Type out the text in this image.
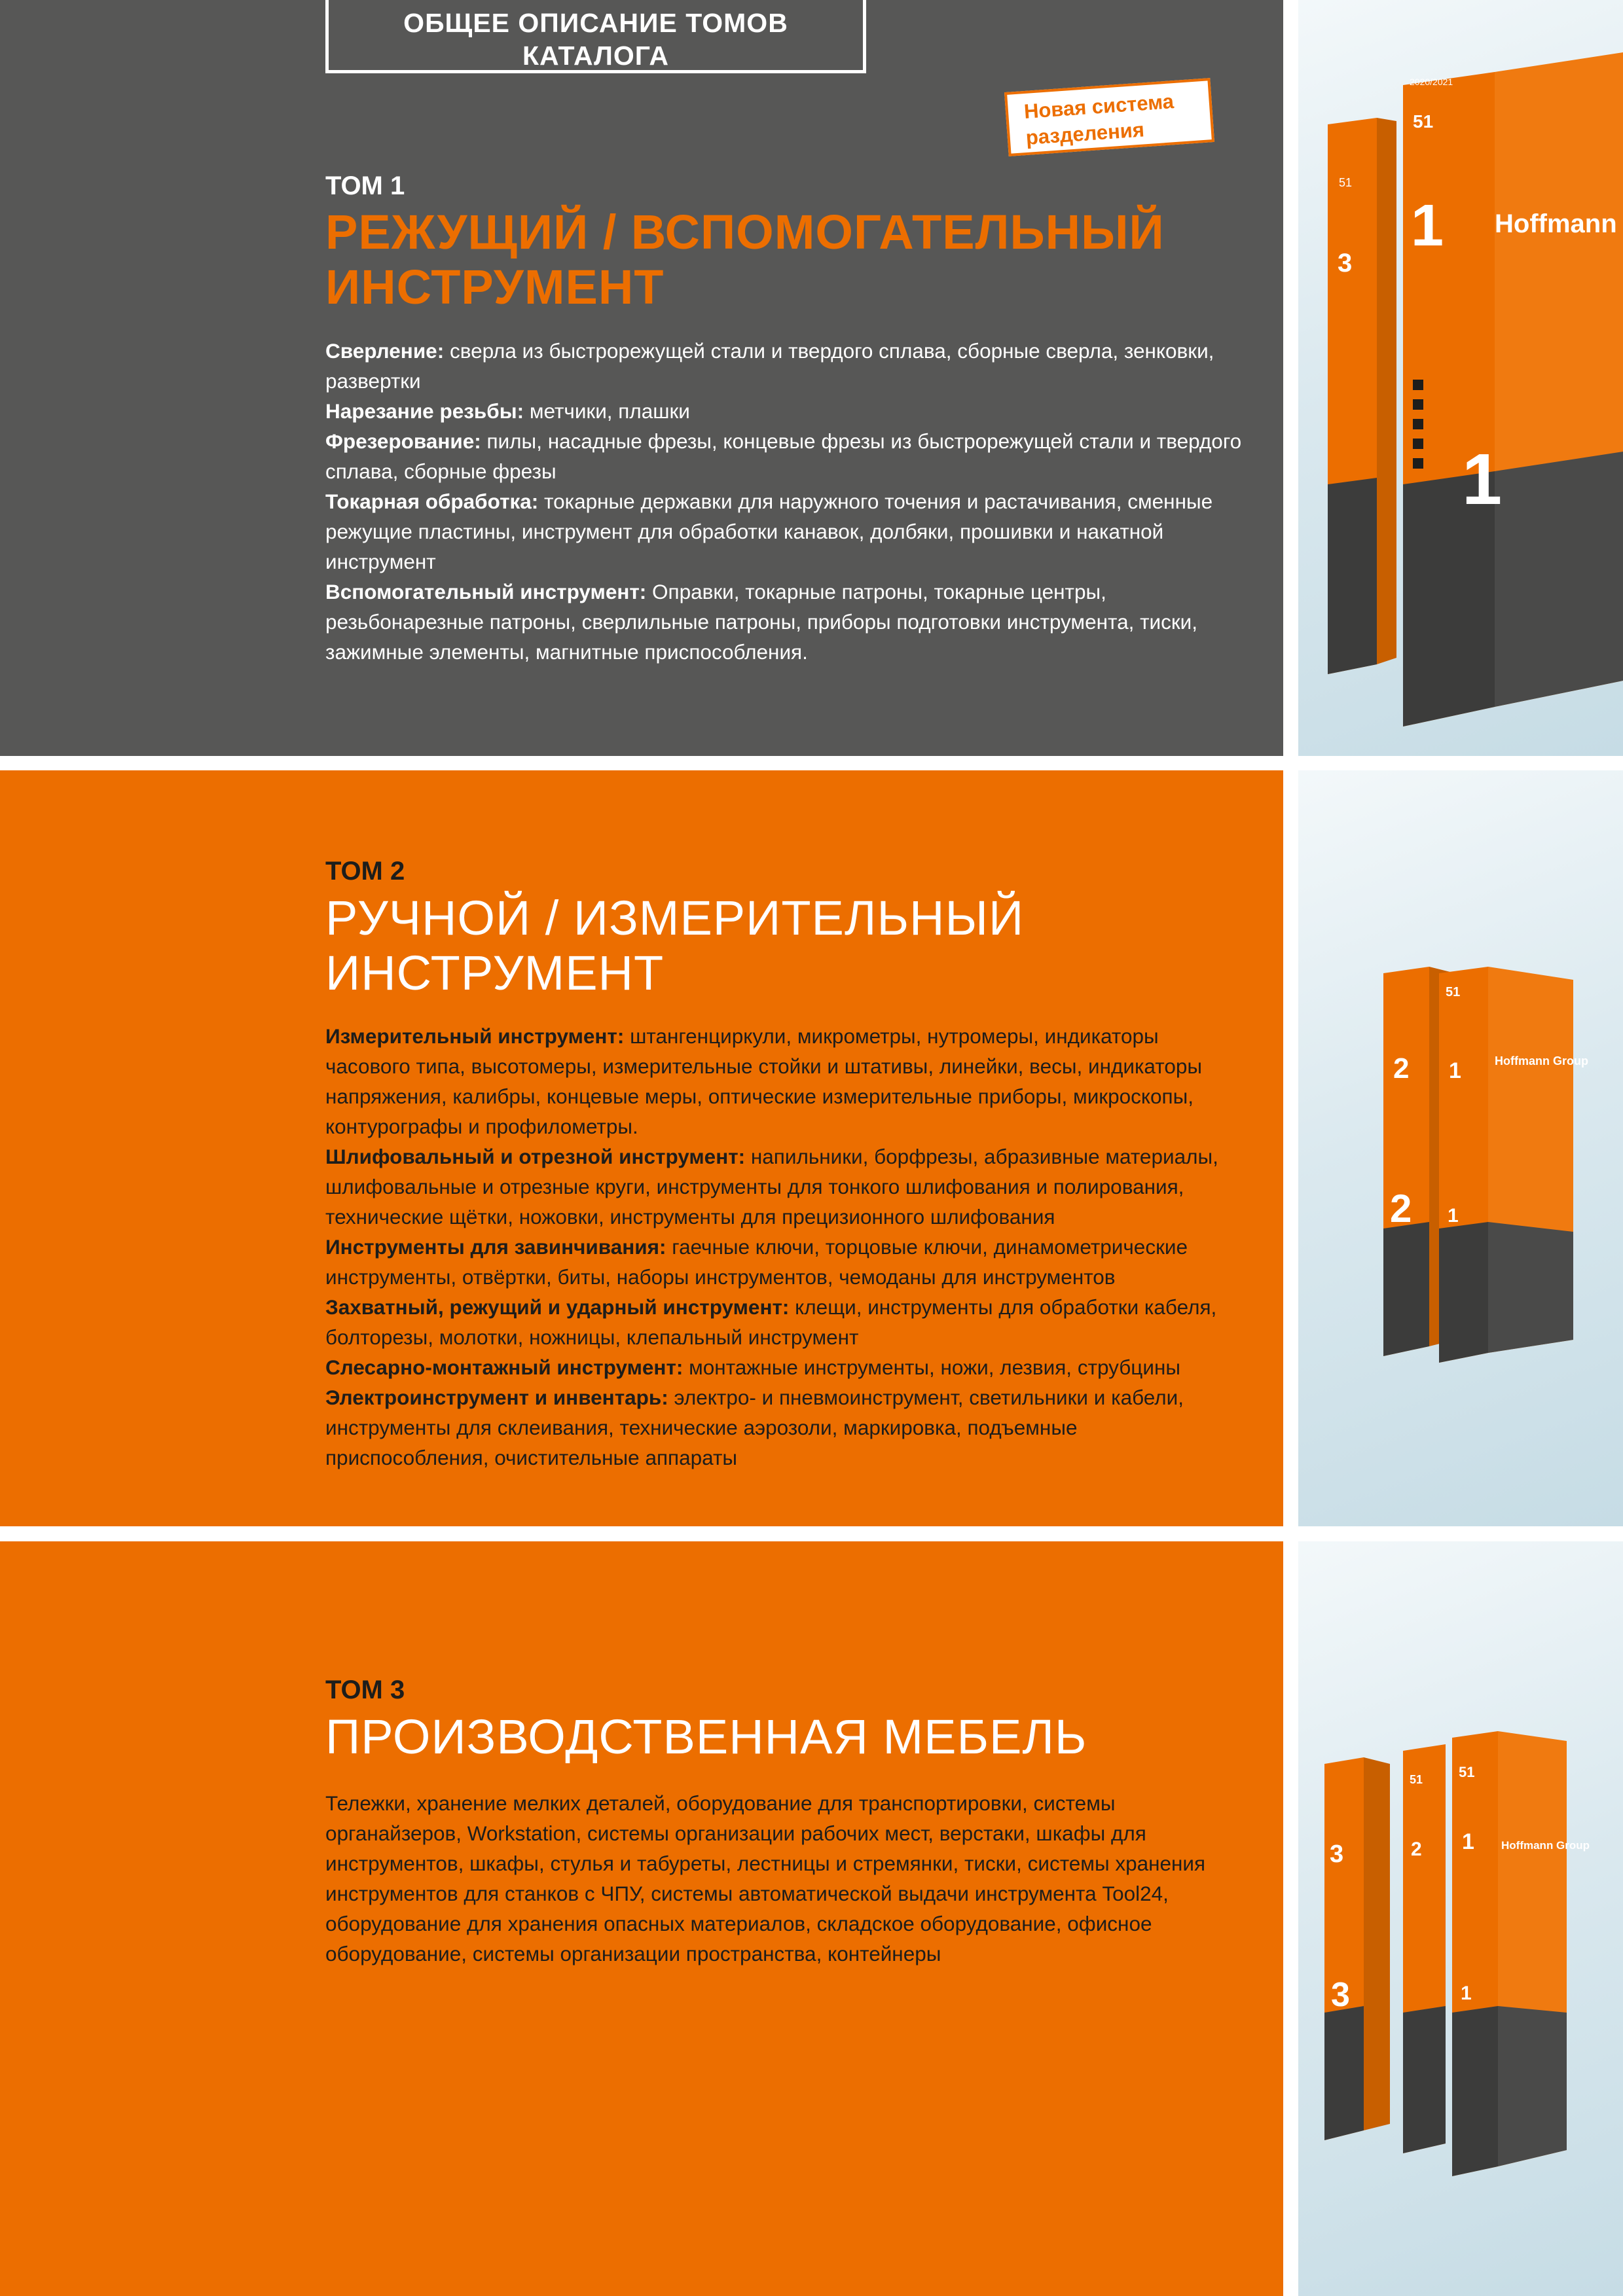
ОБЩЕЕ ОПИСАНИЕ ТОМОВ
КАТАЛОГА
Новая система
разделения
ТОМ 1
РЕЖУЩИЙ / ВСПОМОГАТЕЛЬНЫЙ
ИНСТРУМЕНТ

Сверление: сверла из быстрорежущей стали и твердого сплава, сборные сверла, зенковки, развертки

Нарезание резьбы: метчики, плашки

Фрезерование: пилы, насадные фрезы, концевые фрезы из быстрорежущей стали и твердого сплава, сборные фрезы

Токарная обработка: токарные державки для наружного точения и растачивания, сменные режущие пластины, инструмент для обработки канавок, долбяки, прошивки и накатной инструмент

Вспомогательный инструмент: Оправки, токарные патроны, токарные центры, резьбонарезные патроны, сверлильные патроны, приборы подготовки инструмента, тиски, зажимные элементы, магнитные приспособления.

ТОМ 2
РУЧНОЙ / ИЗМЕРИТЕЛЬНЫЙ
ИНСТРУМЕНТ

Измерительный инструмент: штангенциркули, микрометры, нутромеры, индикаторы часового типа, высотомеры, измерительные стойки и штативы, линейки, весы, индикаторы напряжения, калибры, концевые меры, оптические измерительные приборы, микроскопы, контурографы и профилометры.

Шлифовальный и отрезной инструмент: напильники, борфрезы, абразивные материалы, шлифовальные и отрезные круги, инструменты для тонкого шлифования и полирования, технические щётки, ножовки, инструменты для прецизионного шлифования

Инструменты для завинчивания: гаечные ключи, торцовые ключи, динамометрические инструменты, отвёртки, биты, наборы инструментов, чемоданы для инструментов

Захватный, режущий и ударный инструмент: клещи, инструменты для обработки кабеля, болторезы, молотки, ножницы, клепальный инструмент

Слесарно-монтажный инструмент: монтажные инструменты, ножи, лезвия, струбцины

Электроинструмент и инвентарь: электро- и пневмоинструмент, светильники и кабели, инструменты для склеивания, технические аэрозоли, маркировка, подъемные приспособления, очистительные аппараты

ТОМ 3
ПРОИЗВОДСТВЕННАЯ МЕБЕЛЬ

Тележки, хранение мелких деталей, оборудование для транспортировки, системы органайзеров, Workstation, системы организации рабочих мест, верстаки, шкафы для инструментов, шкафы, стулья и табуреты, лестницы и стремянки, тиски, системы хранения инструментов для станков с ЧПУ, системы автоматической выдачи инструмента Tool24, оборудование для хранения опасных материалов, складское оборудование, офисное оборудование, системы организации пространства, контейнеры

3
51
51
2020/2021
1
1
Hoffmann
2
2
51
1
1
Hoffmann Group
3
3
51
2
51
1
1
Hoffmann Group
